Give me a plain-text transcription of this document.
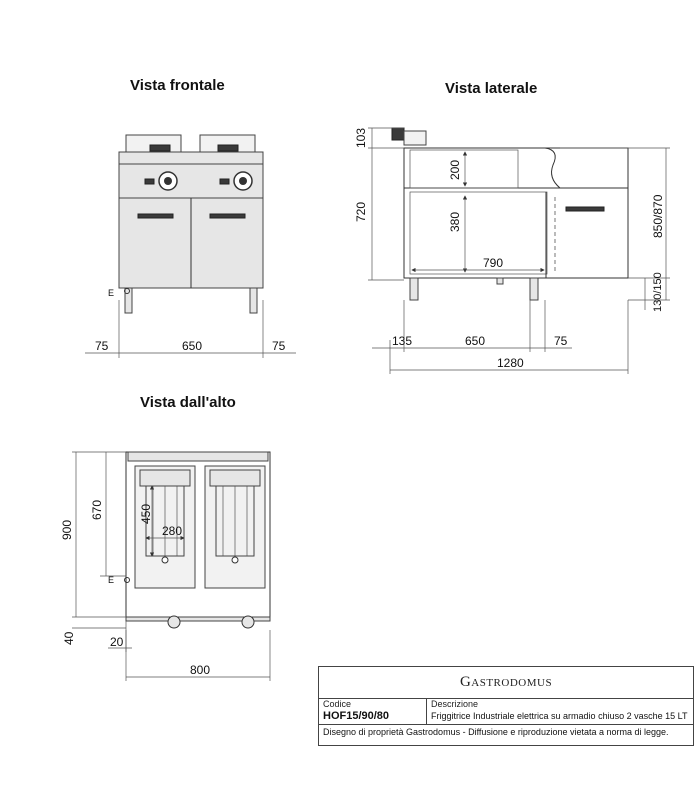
Vista frontale	Vista laterale
Vista dall'alto
E
75	650	75
200
380
790
103
720	850/870
130/150
135	650	75
1280
450
280
E
900
670
40	20
800
Gastrodomus
Codice
HOF15/90/80
Descrizione
Friggitrice Industriale elettrica su armadio chiuso 2 vasche 15 LT
Disegno di proprietà Gastrodomus - Diffusione e riproduzione vietata a norma di legge.
